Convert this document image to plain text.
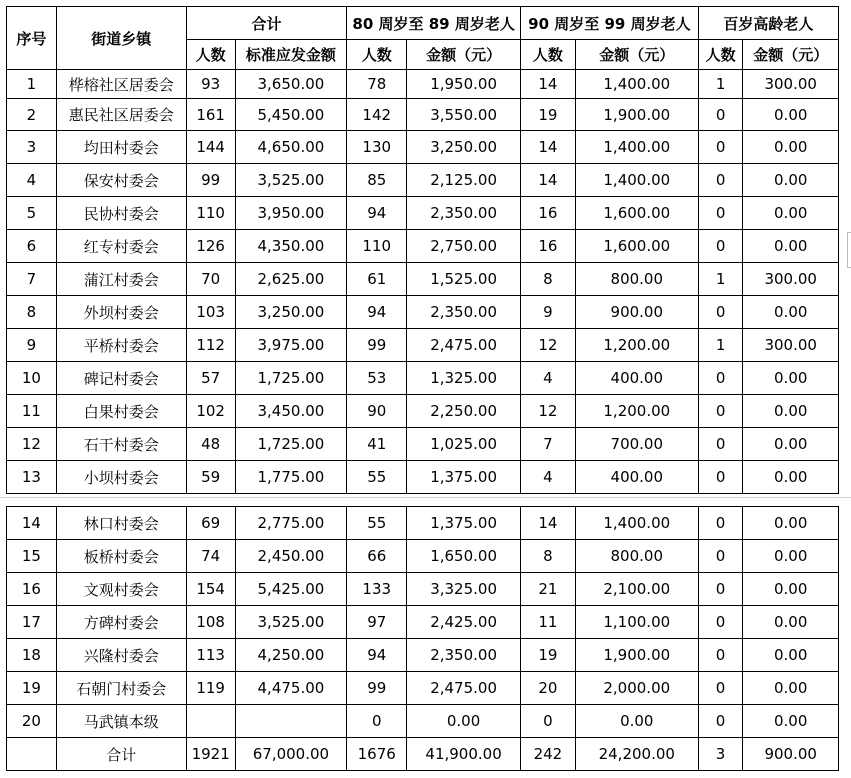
序号	街道乡镇	合计		80 周岁至 89 周岁老人		90 周岁至 99 周岁老人		百岁高龄老人	
		人数	标准应发金额	人数	金额（元）	人数	金额（元）	人数	金额（元）
1	桦榕社区居委会	93	3,650.00	78	1,950.00	14	1,400.00	1	300.00
2	惠民社区居委会	161	5,450.00	142	3,550.00	19	1,900.00	0	0.00
3	均田村委会	144	4,650.00	130	3,250.00	14	1,400.00	0	0.00
4	保安村委会	99	3,525.00	85	2,125.00	14	1,400.00	0	0.00
5	民协村委会	110	3,950.00	94	2,350.00	16	1,600.00	0	0.00
6	红专村委会	126	4,350.00	110	2,750.00	16	1,600.00	0	0.00
7	蒲江村委会	70	2,625.00	61	1,525.00	8	800.00	1	300.00
8	外坝村委会	103	3,250.00	94	2,350.00	9	900.00	0	0.00
9	平桥村委会	112	3,975.00	99	2,475.00	12	1,200.00	1	300.00
10	碑记村委会	57	1,725.00	53	1,325.00	4	400.00	0	0.00
11	白果村委会	102	3,450.00	90	2,250.00	12	1,200.00	0	0.00
12	石干村委会	48	1,725.00	41	1,025.00	7	700.00	0	0.00
13	小坝村委会	59	1,775.00	55	1,375.00	4	400.00	0	0.00
14	林口村委会	69	2,775.00	55	1,375.00	14	1,400.00	0	0.00
15	板桥村委会	74	2,450.00	66	1,650.00	8	800.00	0	0.00
16	文观村委会	154	5,425.00	133	3,325.00	21	2,100.00	0	0.00
17	方碑村委会	108	3,525.00	97	2,425.00	11	1,100.00	0	0.00
18	兴隆村委会	113	4,250.00	94	2,350.00	19	1,900.00	0	0.00
19	石朝门村委会	119	4,475.00	99	2,475.00	20	2,000.00	0	0.00
20	马武镇本级			0	0.00	0	0.00	0	0.00
	合计	1921	67,000.00	1676	41,900.00	242	24,200.00	3	900.00
